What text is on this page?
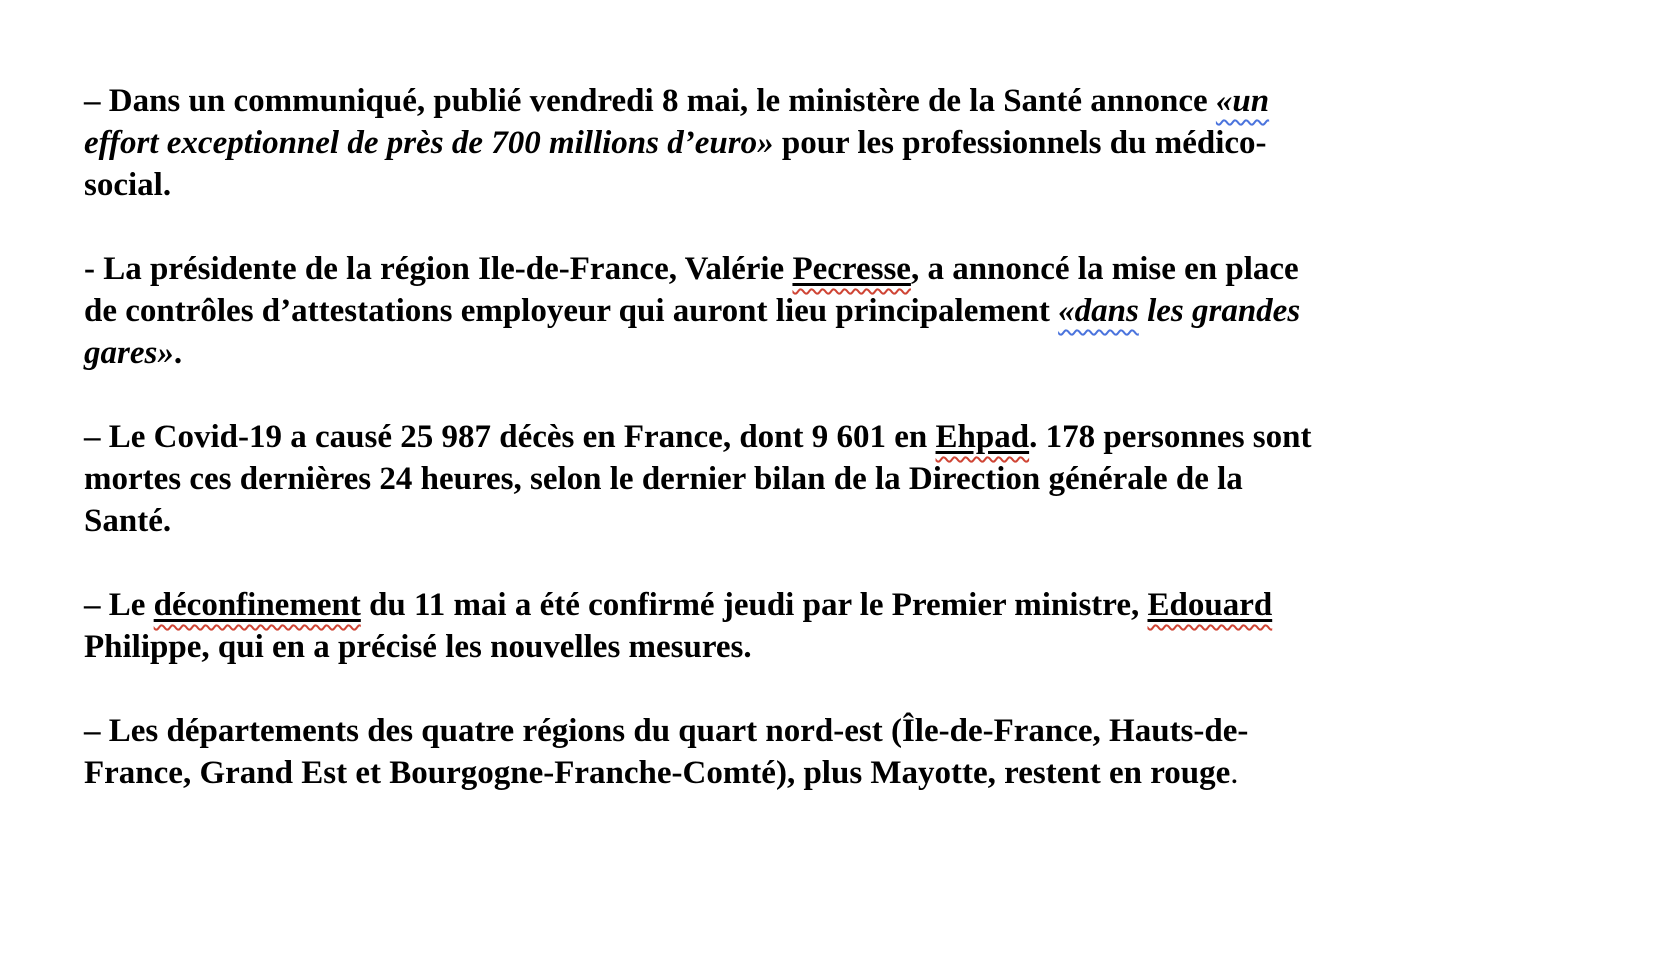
– Dans un communiqué, publié vendredi 8 mai, le ministère de la Santé annonce «un
effort exceptionnel de près de 700 millions d’euro» pour les professionnels du médico-
social.

- La présidente de la région Ile-de-France, Valérie Pecresse, a annoncé la mise en place
de contrôles d’attestations employeur qui auront lieu principalement «dans les grandes
gares».

– Le Covid-19 a causé 25 987 décès en France, dont 9 601 en Ehpad. 178 personnes sont
mortes ces dernières 24 heures, selon le dernier bilan de la Direction générale de la
Santé.

– Le déconfinement du 11 mai a été confirmé jeudi par le Premier ministre, Edouard
Philippe, qui en a précisé les nouvelles mesures.

– Les départements des quatre régions du quart nord-est (Île-de-France, Hauts-de-
France, Grand Est et Bourgogne-Franche-Comté), plus Mayotte, restent en rouge.
